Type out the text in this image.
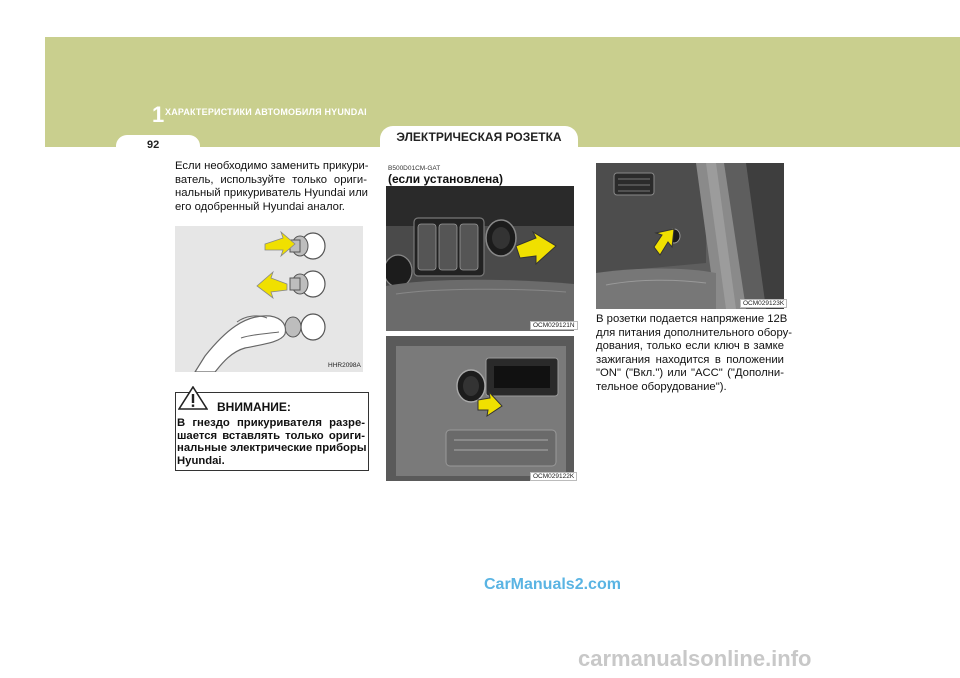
1 ХАРАКТЕРИСТИКИ АВТОМОБИЛЯ HYUNDAI
92
ЭЛЕКТРИЧЕСКАЯ РОЗЕТКА

Если необходимо заменить прикури-

ватель, используйте только ориги-

нальный прикуриватель Hyundai или

его одобренный Hyundai аналог.

HHR2098A
ВНИМАНИЕ:

В гнездо прикуривателя разре-

шается вставлять только ориги-

нальные электрические приборы

Hyundai.

B500D01CM-GAT
(если установлена)
OCM029121N
OCM029122K
OCM029123K

В розетки подается напряжение 12В

для питания дополнительного обору-

дования, только если ключ в замке

зажигания находится в положении

"ON" ("Вкл.") или "ACC" ("Дополни-

тельное оборудование").

CarManuals2.com
carmanualsonline.info
